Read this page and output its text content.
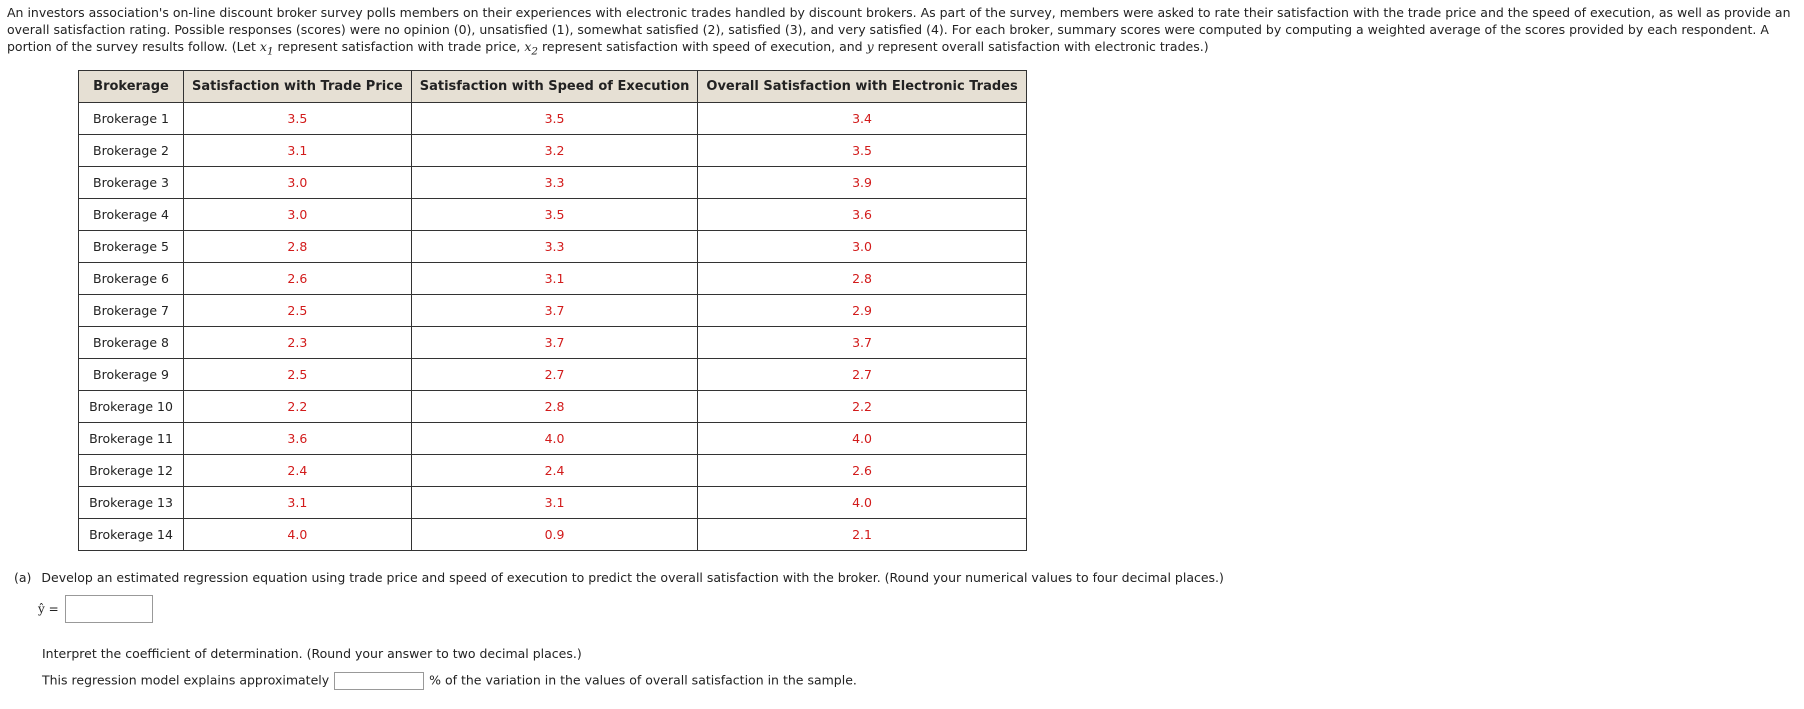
An investors association's on-line discount broker survey polls members on their experiences with electronic trades handled by discount brokers. As part of the survey, members were asked to rate their satisfaction with the trade price and the speed of execution, as well as provide an overall satisfaction rating. Possible responses (scores) were no opinion (0), unsatisfied (1), somewhat satisfied (2), satisfied (3), and very satisfied (4). For each broker, summary scores were computed by computing a weighted average of the scores provided by each respondent. A portion of the survey results follow. (Let $x_1$ represent satisfaction with trade price, $x_2$ represent satisfaction with speed of execution, and y represent overall satisfaction with electronic trades.)

Brokerage	Satisfaction with Trade Price	Satisfaction with Speed of Execution	Overall Satisfaction with Electronic Trades
Brokerage 1	3.5	3.5	3.4
Brokerage 2	3.1	3.2	3.5
Brokerage 3	3.0	3.3	3.9
Brokerage 4	3.0	3.5	3.6
Brokerage 5	2.8	3.3	3.0
Brokerage 6	2.6	3.1	2.8
Brokerage 7	2.5	3.7	2.9
Brokerage 8	2.3	3.7	3.7
Brokerage 9	2.5	2.7	2.7
Brokerage 10	2.2	2.8	2.2
Brokerage 11	3.6	4.0	4.0
Brokerage 12	2.4	2.4	2.6
Brokerage 13	3.1	3.1	4.0
Brokerage 14	4.0	0.9	2.1
(a) Develop an estimated regression equation using trade price and speed of execution to predict the overall satisfaction with the broker. (Round your numerical values to four decimal places.)
ŷ =
Interpret the coefficient of determination. (Round your answer to two decimal places.)
This regression model explains approximately	% of the variation in the values of overall satisfaction in the sample.
